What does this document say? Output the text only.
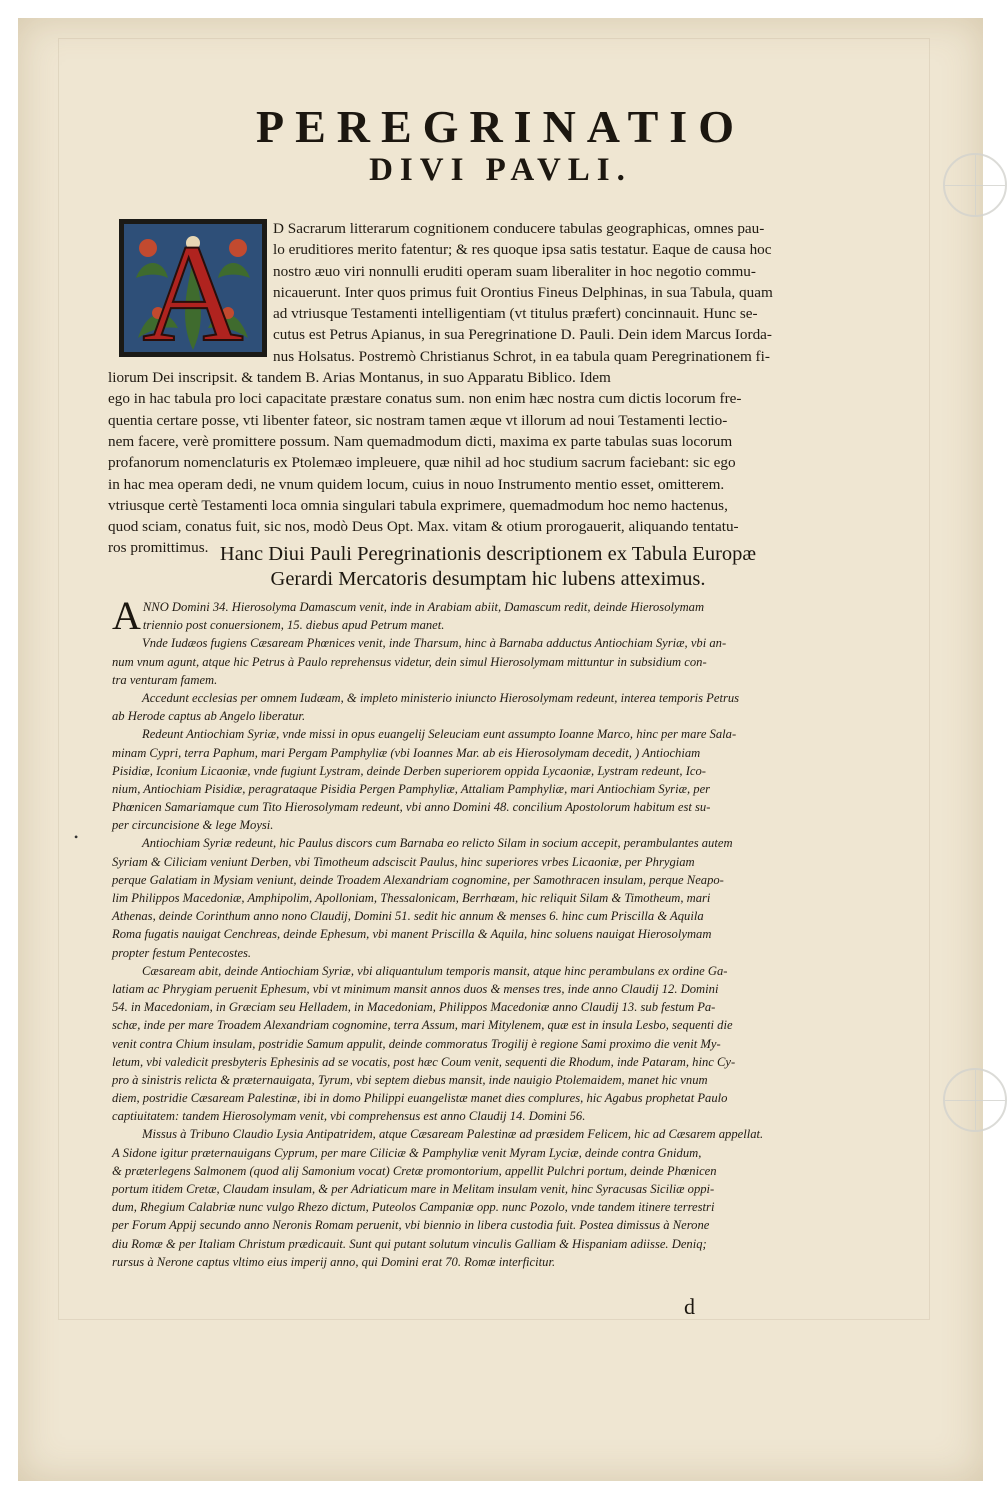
PEREGRINATIO
DIVI PAVLI.
D Sacrarum litterarum cognitionem conducere tabulas geographicas, omnes pau-
lo eruditiores merito fatentur; & res quoque ipsa satis testatur. Eaque de causa hoc
nostro æuo viri nonnulli eruditi operam suam liberaliter in hoc negotio commu-
nicauerunt. Inter quos primus fuit Orontius Fineus Delphinas, in sua Tabula, quam
ad vtriusque Testamenti intelligentiam (vt titulus præfert) concinnauit. Hunc se-
cutus est Petrus Apianus, in sua Peregrinatione D. Pauli. Dein idem Marcus Iorda-
nus Holsatus. Postremò Christianus Schrot, in ea tabula quam Peregrinationem fi-
liorum Dei inscripsit. & tandem B. Arias Montanus, in suo Apparatu Biblico. Idem
ego in hac tabula pro loci capacitate præstare conatus sum. non enim hæc nostra cum dictis locorum fre-
quentia certare posse, vti libenter fateor, sic nostram tamen æque vt illorum ad noui Testamenti lectio-
nem facere, verè promittere possum. Nam quemadmodum dicti, maxima ex parte tabulas suas locorum
profanorum nomenclaturis ex Ptolemæo impleuere, quæ nihil ad hoc studium sacrum faciebant: sic ego
in hac mea operam dedi, ne vnum quidem locum, cuius in nouo Instrumento mentio esset, omitterem.
vtriusque certè Testamenti loca omnia singulari tabula exprimere, quemadmodum hoc nemo hactenus,
quod sciam, conatus fuit, sic nos, modò Deus Opt. Max. vitam & otium prorogauerit, aliquando tentatu-
ros promittimus.
A
Hanc Diui Pauli Peregrinationis descriptionem ex Tabula Europæ
Gerardi Mercatoris desumptam hic lubens atteximus.
ANNO Domini 34. Hierosolyma Damascum venit, inde in Arabiam abiit, Damascum redit, deinde Hierosolymam
triennio post conuersionem, 15. diebus apud Petrum manet.
Vnde Iudæos fugiens Cæsaream Phœnices venit, inde Tharsum, hinc à Barnaba adductus Antiochiam Syriæ, vbi an-
num vnum agunt, atque hic Petrus à Paulo reprehensus videtur, dein simul Hierosolymam mittuntur in subsidium con-
tra venturam famem.
Accedunt ecclesias per omnem Iudæam, & impleto ministerio iniuncto Hierosolymam redeunt, interea temporis Petrus
ab Herode captus ab Angelo liberatur.
Redeunt Antiochiam Syriæ, vnde missi in opus euangelij Seleuciam eunt assumpto Ioanne Marco, hinc per mare Sala-
minam Cypri, terra Paphum, mari Pergam Pamphyliæ (vbi Ioannes Mar. ab eis Hierosolymam decedit, ) Antiochiam
Pisidiæ, Iconium Licaoniæ, vnde fugiunt Lystram, deinde Derben superiorem oppida Lycaoniæ, Lystram redeunt, Ico-
nium, Antiochiam Pisidiæ, peragrataque Pisidia Pergen Pamphyliæ, Attaliam Pamphyliæ, mari Antiochiam Syriæ, per
Phœnicen Samariamque cum Tito Hierosolymam redeunt, vbi anno Domini 48. concilium Apostolorum habitum est su-
per circuncisione & lege Moysi.
Antiochiam Syriæ redeunt, hic Paulus discors cum Barnaba eo relicto Silam in socium accepit, perambulantes autem
Syriam & Ciliciam veniunt Derben, vbi Timotheum adsciscit Paulus, hinc superiores vrbes Licaoniæ, per Phrygiam
perque Galatiam in Mysiam veniunt, deinde Troadem Alexandriam cognomine, per Samothracen insulam, perque Neapo-
lim Philippos Macedoniæ, Amphipolim, Apolloniam, Thessalonicam, Berrhœam, hic reliquit Silam & Timotheum, mari
Athenas, deinde Corinthum anno nono Claudij, Domini 51. sedit hic annum & menses 6. hinc cum Priscilla & Aquila
Roma fugatis nauigat Cenchreas, deinde Ephesum, vbi manent Priscilla & Aquila, hinc soluens nauigat Hierosolymam
propter festum Pentecostes.
Cæsaream abit, deinde Antiochiam Syriæ, vbi aliquantulum temporis mansit, atque hinc perambulans ex ordine Ga-
latiam ac Phrygiam peruenit Ephesum, vbi vt minimum mansit annos duos & menses tres, inde anno Claudij 12. Domini
54. in Macedoniam, in Græciam seu Helladem, in Macedoniam, Philippos Macedoniæ anno Claudij 13. sub festum Pa-
schæ, inde per mare Troadem Alexandriam cognomine, terra Assum, mari Mitylenem, quæ est in insula Lesbo, sequenti die
venit contra Chium insulam, postridie Samum appulit, deinde commoratus Trogilij è regione Sami proximo die venit My-
letum, vbi valedicit presbyteris Ephesinis ad se vocatis, post hæc Coum venit, sequenti die Rhodum, inde Pataram, hinc Cy-
pro à sinistris relicta & præternauigata, Tyrum, vbi septem diebus mansit, inde nauigio Ptolemaidem, manet hic vnum
diem, postridie Cæsaream Palestinæ, ibi in domo Philippi euangelistæ manet dies complures, hic Agabus prophetat Paulo
captiuitatem: tandem Hierosolymam venit, vbi comprehensus est anno Claudij 14. Domini 56.
Missus à Tribuno Claudio Lysia Antipatridem, atque Cæsaream Palestinæ ad præsidem Felicem, hic ad Cæsarem appellat.
A Sidone igitur præternauigans Cyprum, per mare Ciliciæ & Pamphyliæ venit Myram Lyciæ, deinde contra Gnidum,
& præterlegens Salmonem (quod alij Samonium vocat) Cretæ promontorium, appellit Pulchri portum, deinde Phœnicen
portum itidem Cretæ, Claudam insulam, & per Adriaticum mare in Melitam insulam venit, hinc Syracusas Siciliæ oppi-
dum, Rhegium Calabriæ nunc vulgo Rhezo dictum, Puteolos Campaniæ opp. nunc Pozolo, vnde tandem itinere terrestri
per Forum Appij secundo anno Neronis Romam peruenit, vbi biennio in libera custodia fuit. Postea dimissus à Nerone
diu Romæ & per Italiam Christum prædicauit. Sunt qui putant solutum vinculis Galliam & Hispaniam adiisse. Deniq;
rursus à Nerone captus vltimo eius imperij anno, qui Domini erat 70. Romæ interficitur.
•
d
